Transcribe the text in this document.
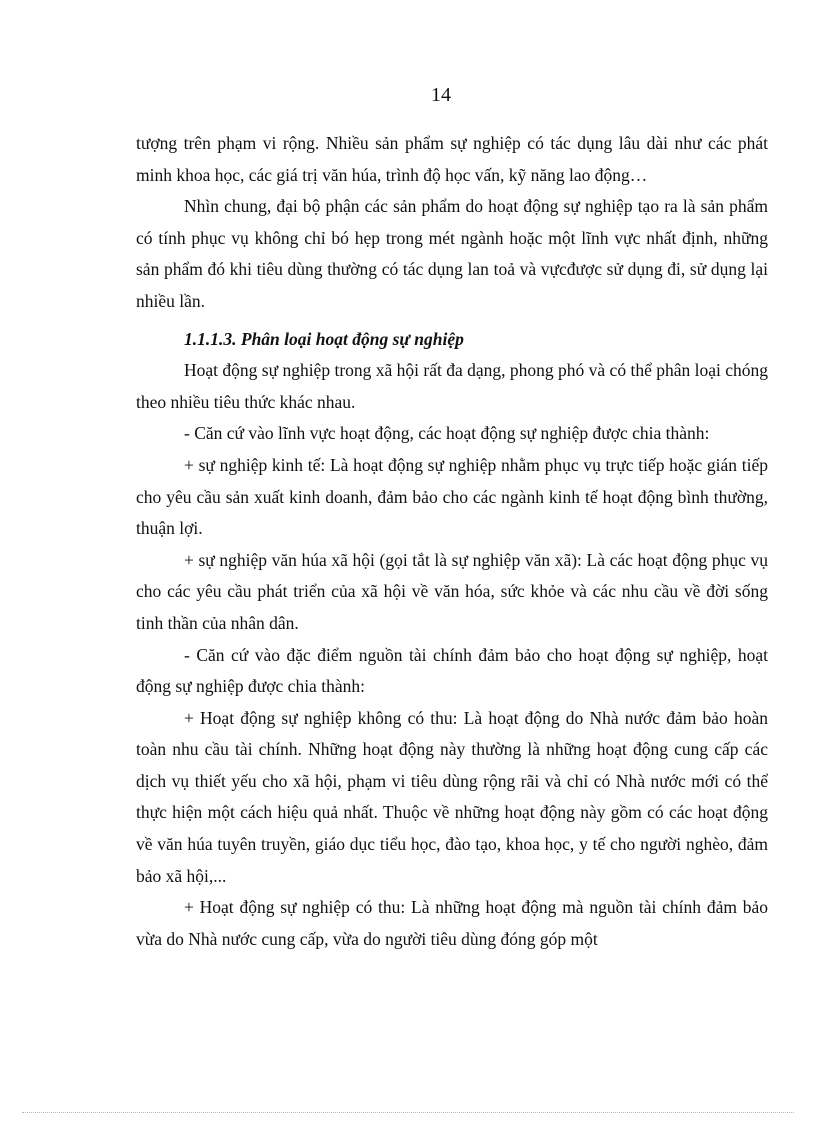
14

tượng trên phạm vi rộng. Nhiều sản phẩm sự nghiệp có tác dụng lâu dài như các phát minh khoa học, các giá trị văn húa, trình độ học vấn, kỹ năng lao động…

Nhìn chung, đại bộ phận các sản phẩm do hoạt động sự nghiệp tạo ra là sản phẩm có tính phục vụ không chỉ bó hẹp trong mét ngành hoặc một lĩnh vực nhất định, những sản phẩm đó khi tiêu dùng thường có tác dụng lan toả và vựcđược sử dụng đi, sử dụng lại nhiều lần.

1.1.1.3. Phân loại hoạt động sự nghiệp

Hoạt động sự nghiệp trong xã hội rất đa dạng, phong phó và có thể phân loại chóng theo nhiều tiêu thức khác nhau.

- Căn cứ vào lĩnh vực hoạt động, các hoạt động sự nghiệp được chia thành:

+ sự nghiệp kinh tế: Là hoạt động sự nghiệp nhằm phục vụ trực tiếp hoặc gián tiếp cho yêu cầu sản xuất kinh doanh, đảm bảo cho các ngành kinh tế hoạt động bình thường, thuận lợi.

+ sự nghiệp văn húa xã hội (gọi tắt là sự nghiệp văn xã): Là các hoạt động phục vụ cho các yêu cầu phát triển của xã hội về văn hóa, sức khỏe và các nhu cầu về đời sống tinh thần của nhân dân.

- Căn cứ vào đặc điểm nguồn tài chính đảm bảo cho hoạt động sự nghiệp, hoạt động sự nghiệp được chia thành:

+ Hoạt động sự nghiệp không có thu: Là hoạt động do Nhà nước đảm bảo hoàn toàn nhu cầu tài chính. Những hoạt động này thường là những hoạt động cung cấp các dịch vụ thiết yếu cho xã hội, phạm vi tiêu dùng rộng rãi và chỉ có Nhà nước mới có thể thực hiện một cách hiệu quả nhất. Thuộc về những hoạt động này gồm có các hoạt động về văn húa tuyên truyền, giáo dục tiểu học, đào tạo, khoa học, y tế cho người nghèo, đảm bảo xã hội,...

+ Hoạt động sự nghiệp có thu: Là những hoạt động mà nguồn tài chính đảm bảo vừa do Nhà nước cung cấp, vừa do người tiêu dùng đóng góp một
